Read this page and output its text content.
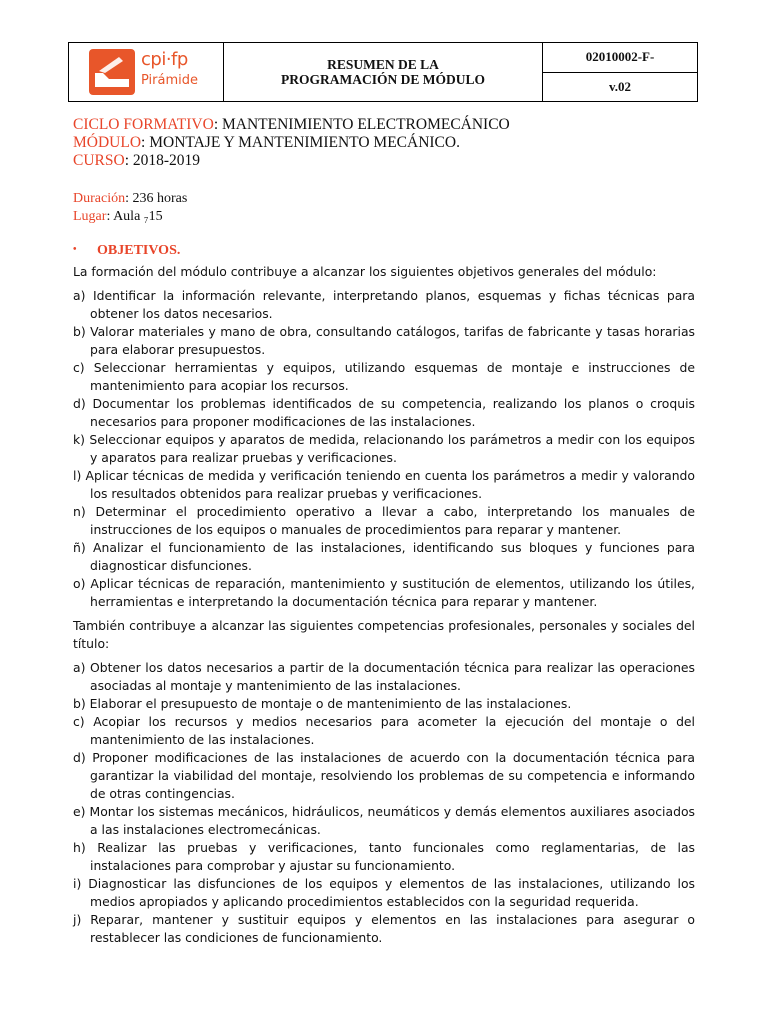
cpi·fp
Pirámide
RESUMEN DE LA
PROGRAMACIÓN DE MÓDULO
02010002-F-
v.02
CICLO FORMATIVO: MANTENIMIENTO ELECTROMECÁNICO
MÓDULO: MONTAJE Y MANTENIMIENTO MECÁNICO.
CURSO: 2018-2019
Duración: 236 horas
Lugar: Aula ₇15
• OBJETIVOS.

La formación del módulo contribuye a alcanzar los siguientes objetivos generales del módulo:

a) Identificar la información relevante, interpretando planos, esquemas y fichas técnicas para obtener los datos necesarios.

b) Valorar materiales y mano de obra, consultando catálogos, tarifas de fabricante y tasas horarias para elaborar presupuestos.

c) Seleccionar herramientas y equipos, utilizando esquemas de montaje e instrucciones de mantenimiento para acopiar los recursos.

d) Documentar los problemas identificados de su competencia, realizando los planos o croquis necesarios para proponer modificaciones de las instalaciones.

k) Seleccionar equipos y aparatos de medida, relacionando los parámetros a medir con los equipos y aparatos para realizar pruebas y verificaciones.

l) Aplicar técnicas de medida y verificación teniendo en cuenta los parámetros a medir y valorando los resultados obtenidos para realizar pruebas y verificaciones.

n) Determinar el procedimiento operativo a llevar a cabo, interpretando los manuales de instrucciones de los equipos o manuales de procedimientos para reparar y mantener.

ñ) Analizar el funcionamiento de las instalaciones, identificando sus bloques y funciones para diagnosticar disfunciones.

o) Aplicar técnicas de reparación, mantenimiento y sustitución de elementos, utilizando los útiles, herramientas e interpretando la documentación técnica para reparar y mantener.

También contribuye a alcanzar las siguientes competencias profesionales, personales y sociales del título:

a) Obtener los datos necesarios a partir de la documentación técnica para realizar las operaciones asociadas al montaje y mantenimiento de las instalaciones.

b) Elaborar el presupuesto de montaje o de mantenimiento de las instalaciones.

c) Acopiar los recursos y medios necesarios para acometer la ejecución del montaje o del mantenimiento de las instalaciones.

d) Proponer modificaciones de las instalaciones de acuerdo con la documentación técnica para garantizar la viabilidad del montaje, resolviendo los problemas de su competencia e informando de otras contingencias.

e) Montar los sistemas mecánicos, hidráulicos, neumáticos y demás elementos auxiliares asociados a las instalaciones electromecánicas.

h) Realizar las pruebas y verificaciones, tanto funcionales como reglamentarias, de las instalaciones para comprobar y ajustar su funcionamiento.

i) Diagnosticar las disfunciones de los equipos y elementos de las instalaciones, utilizando los medios apropiados y aplicando procedimientos establecidos con la seguridad requerida.

j) Reparar, mantener y sustituir equipos y elementos en las instalaciones para asegurar o restablecer las condiciones de funcionamiento.
